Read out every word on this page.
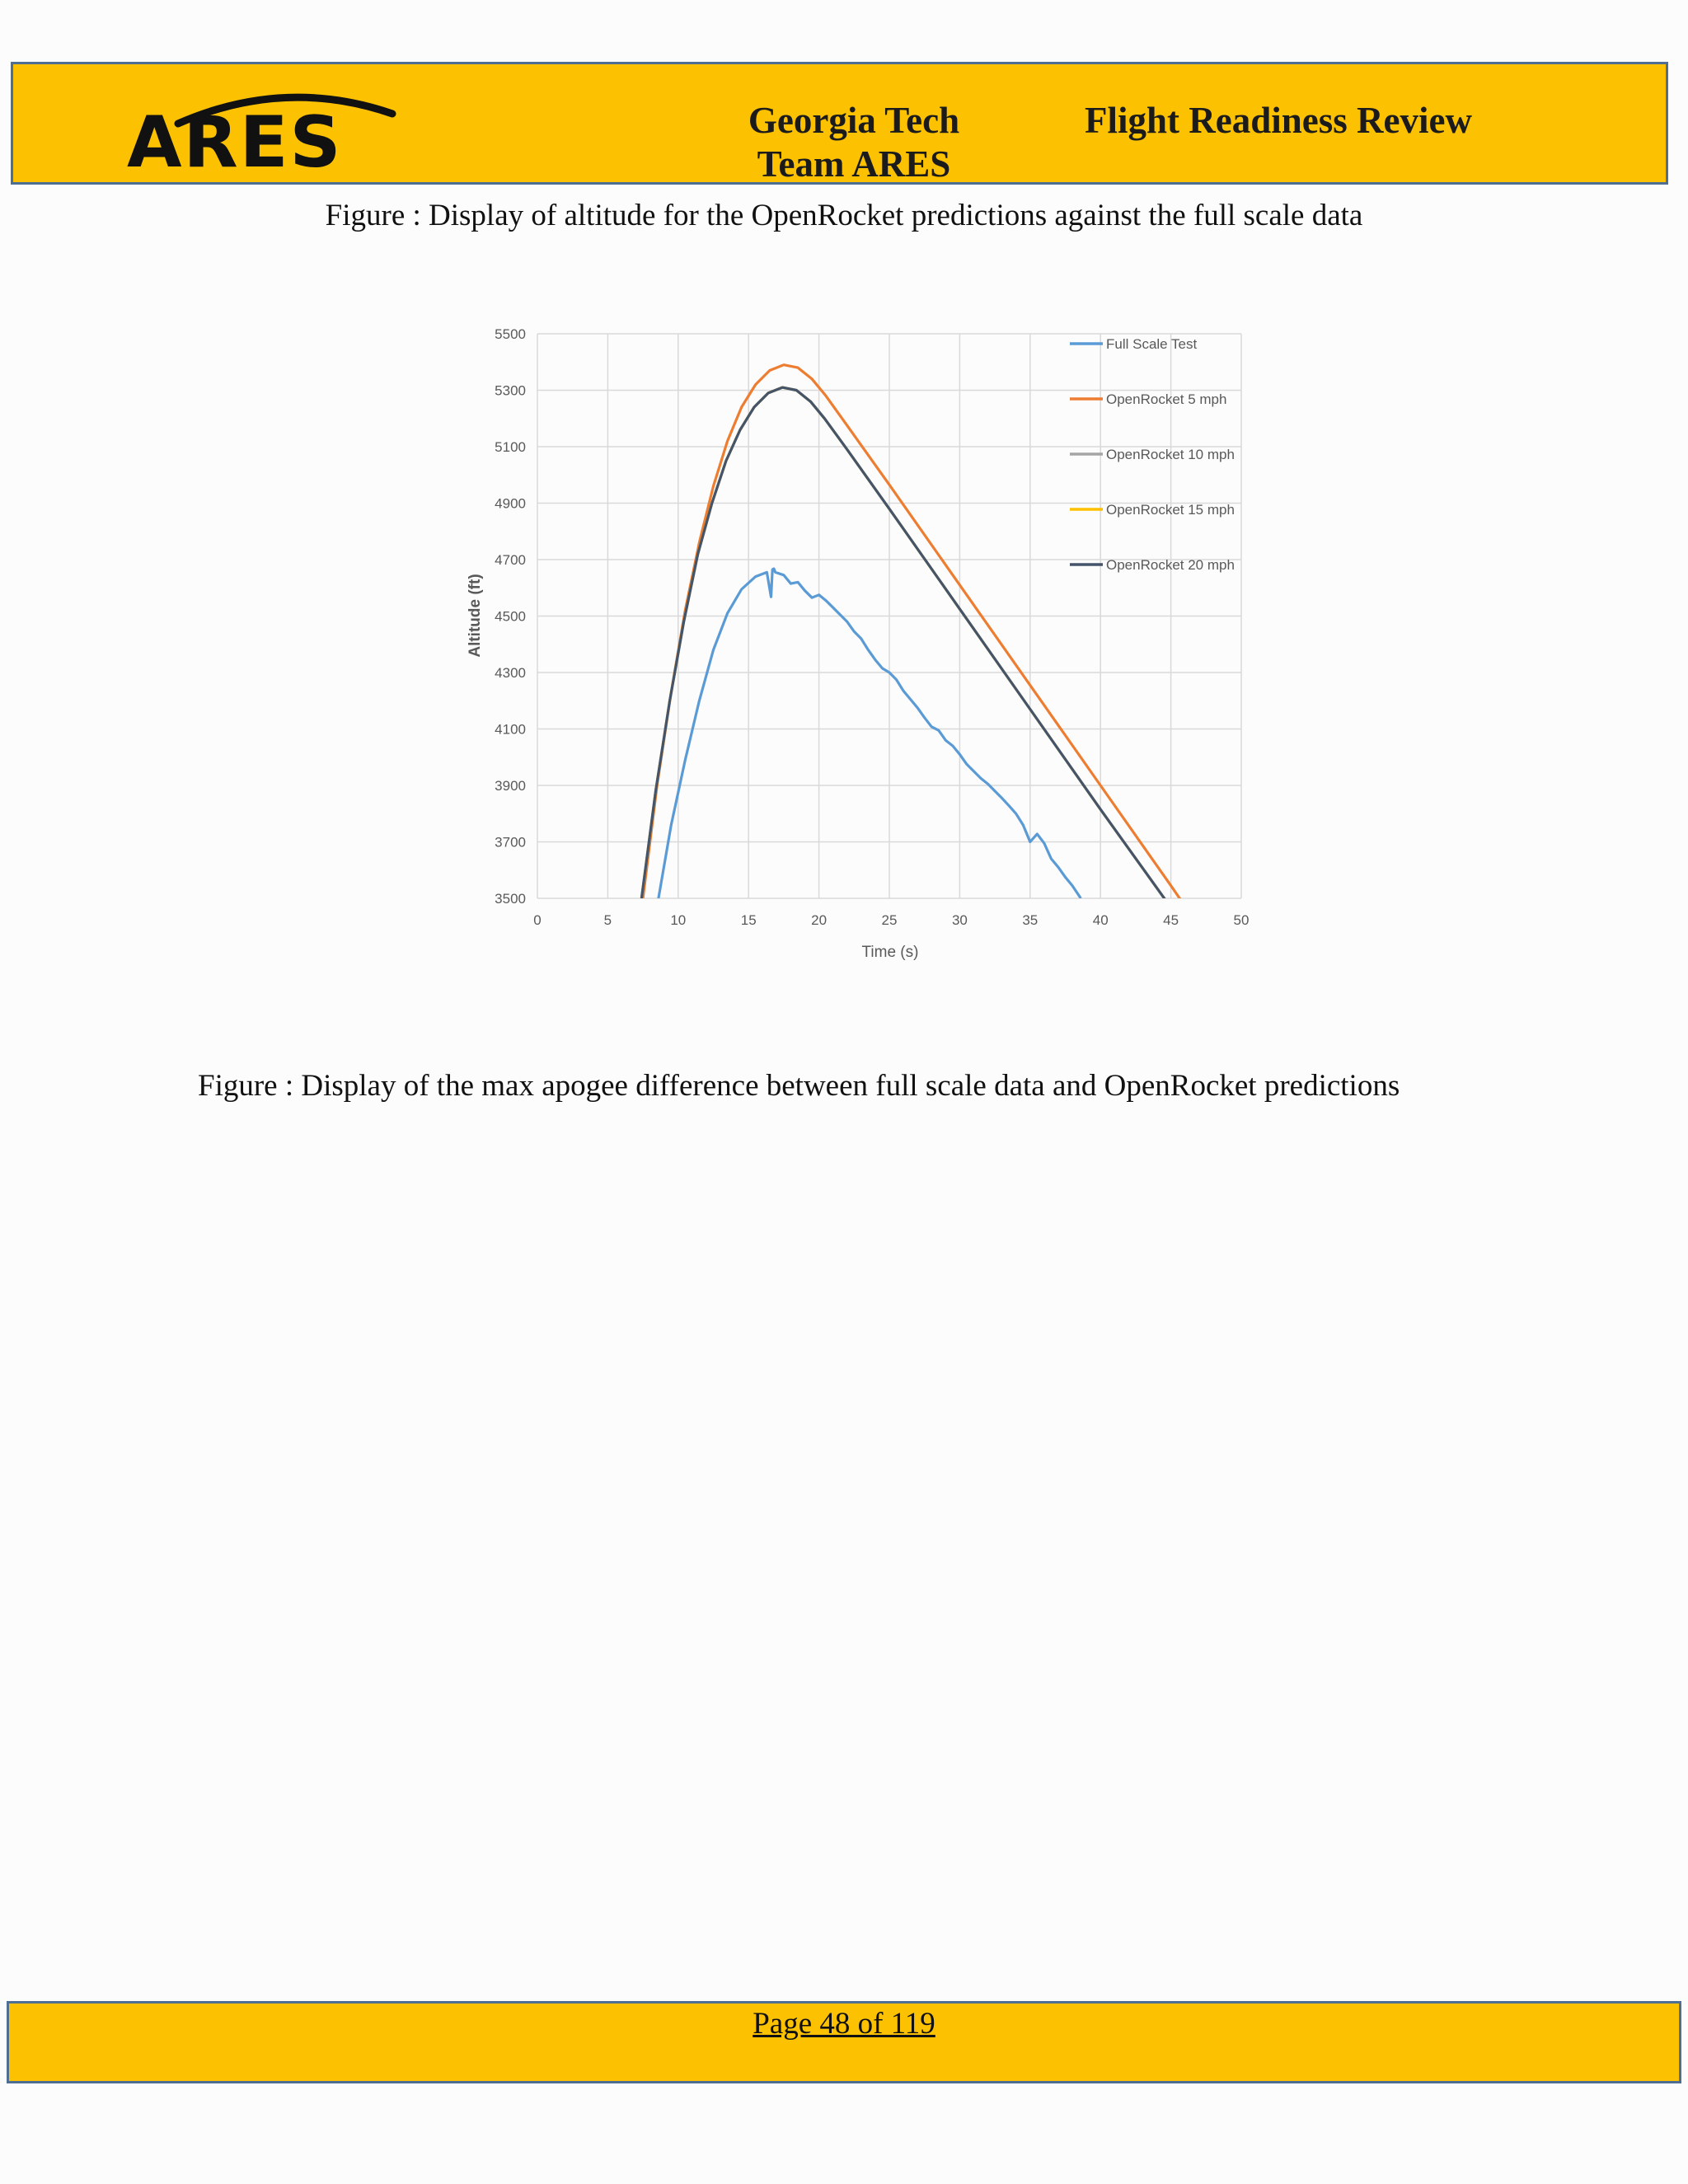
ARES	Georgia Tech
Team ARES
Flight Readiness Review
Figure : Display of altitude for the OpenRocket predictions against the full scale data
0	5	10	15	20	25	30	35	40	45	50
3500
3700
3900
4100
4300
4500
4700
4900
5100
5300
5500
Full Scale Test
OpenRocket 5 mph
OpenRocket 10 mph
OpenRocket 15 mph
OpenRocket 20 mph
Time (s)
Altitude (ft)
Figure : Display of the max apogee difference between full scale data and OpenRocket predictions
Page 48 of 119
